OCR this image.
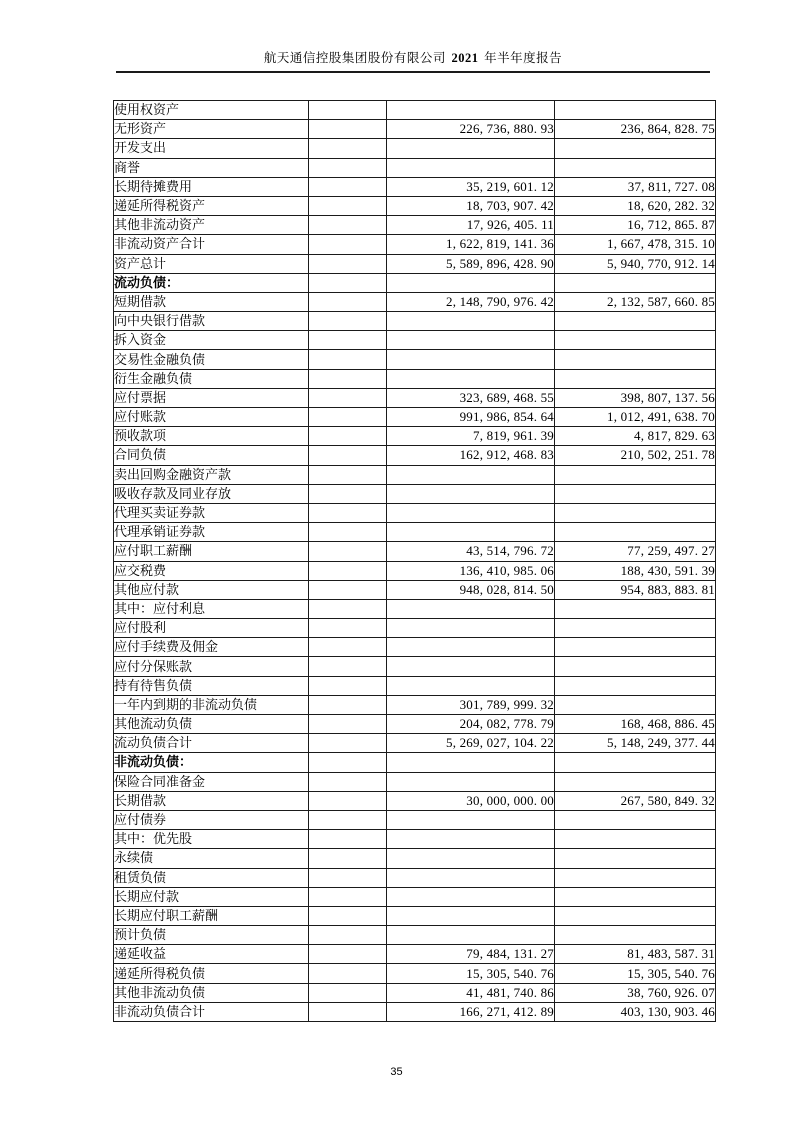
航天通信控股集团股份有限公司 2021 年半年度报告
使用权资产			
无形资产		226, 736, 880. 93	236, 864, 828. 75
开发支出			
商誉			
长期待摊费用		35, 219, 601. 12	37, 811, 727. 08
递延所得税资产		18, 703, 907. 42	18, 620, 282. 32
其他非流动资产		17, 926, 405. 11	16, 712, 865. 87
非流动资产合计		1, 622, 819, 141. 36	1, 667, 478, 315. 10
资产总计		5, 589, 896, 428. 90	5, 940, 770, 912. 14
流动负债：			
短期借款		2, 148, 790, 976. 42	2, 132, 587, 660. 85
向中央银行借款			
拆入资金			
交易性金融负债			
衍生金融负债			
应付票据		323, 689, 468. 55	398, 807, 137. 56
应付账款		991, 986, 854. 64	1, 012, 491, 638. 70
预收款项		7, 819, 961. 39	4, 817, 829. 63
合同负债		162, 912, 468. 83	210, 502, 251. 78
卖出回购金融资产款			
吸收存款及同业存放			
代理买卖证券款			
代理承销证券款			
应付职工薪酬		43, 514, 796. 72	77, 259, 497. 27
应交税费		136, 410, 985. 06	188, 430, 591. 39
其他应付款		948, 028, 814. 50	954, 883, 883. 81
其中：应付利息			
应付股利			
应付手续费及佣金			
应付分保账款			
持有待售负债			
一年内到期的非流动负债		301, 789, 999. 32	
其他流动负债		204, 082, 778. 79	168, 468, 886. 45
流动负债合计		5, 269, 027, 104. 22	5, 148, 249, 377. 44
非流动负债：			
保险合同准备金			
长期借款		30, 000, 000. 00	267, 580, 849. 32
应付债券			
其中：优先股			
永续债			
租赁负债			
长期应付款			
长期应付职工薪酬			
预计负债			
递延收益		79, 484, 131. 27	81, 483, 587. 31
递延所得税负债		15, 305, 540. 76	15, 305, 540. 76
其他非流动负债		41, 481, 740. 86	38, 760, 926. 07
非流动负债合计		166, 271, 412. 89	403, 130, 903. 46
35
